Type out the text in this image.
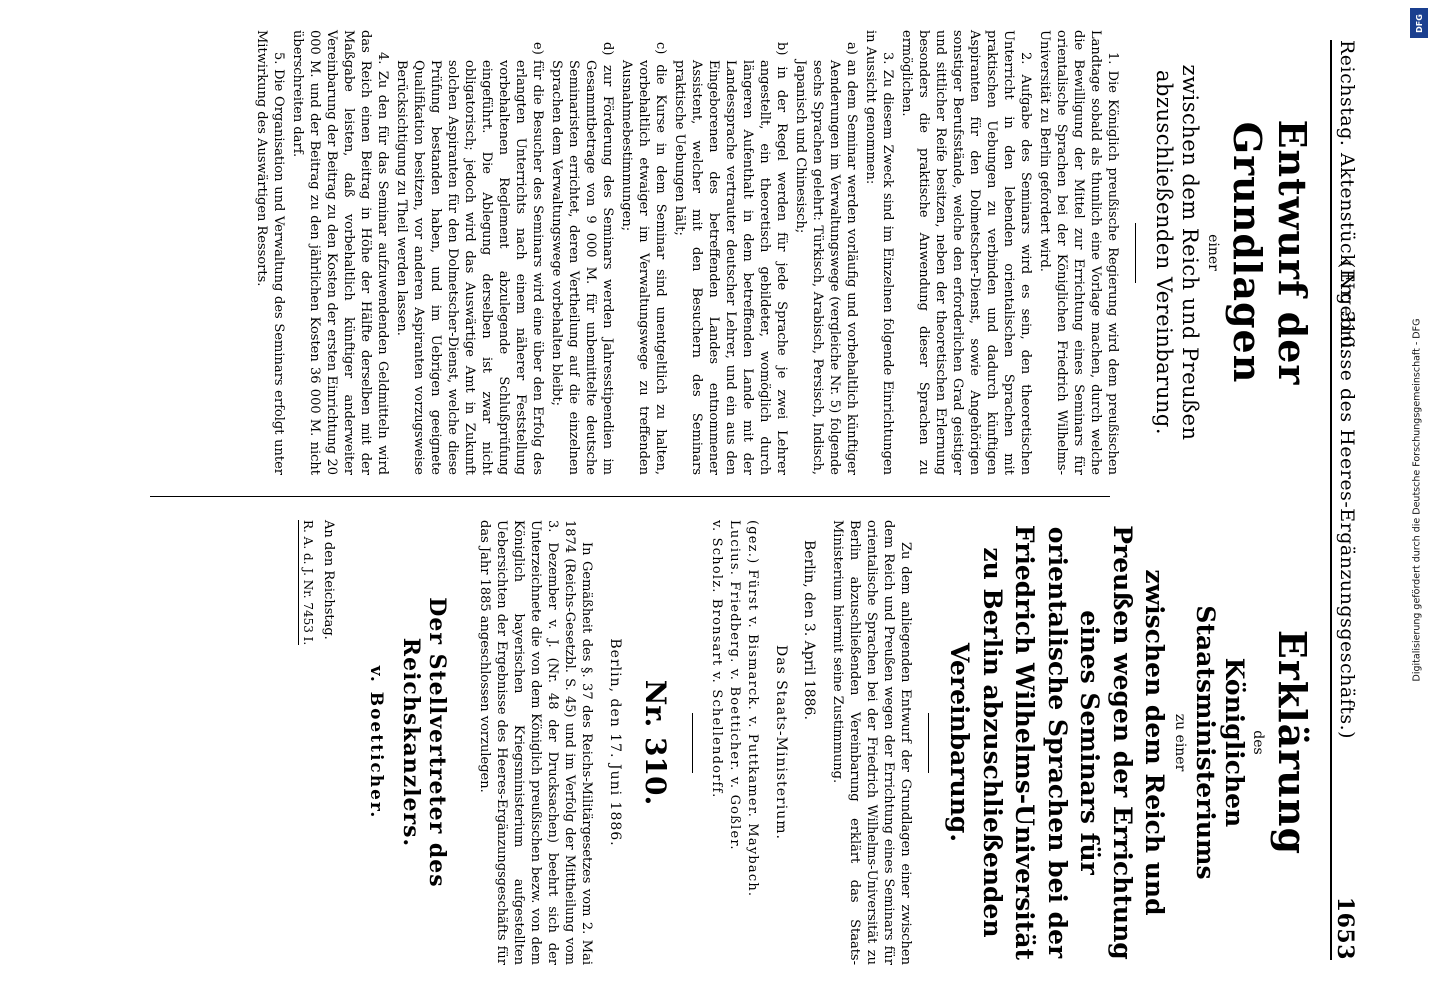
Reichstag. Aktenstück Nr. 310.
(Ergebnisse des Heeres-Ergänzungsgeschäfts.)
1653
Entwurf der Grundlagen
einer
zwischen dem Reich und Preußen abzuschließenden Vereinbarung.

1. Die Königlich preußische Regierung wird dem preußischen Landtage sobald als thunlich eine Vorlage machen, durch welche die Bewilligung der Mittel zur Errichtung eines Seminars für orientalische Sprachen bei der Königlichen Friedrich Wilhelms-Universität zu Berlin gefordert wird.

2. Aufgabe des Seminars wird es sein, den theoretischen Unterricht in den lebenden orientalischen Sprachen mit praktischen Uebungen zu verbinden und dadurch künftigen Aspiranten für den Dolmetscher-Dienst, sowie Angehörigen sonstiger Berufsstände, welche den erforderlichen Grad geistiger und sittlicher Reife besitzen, neben der theoretischen Erlernung besonders die praktische Anwendung dieser Sprachen zu ermöglichen.

3. Zu diesem Zweck sind im Einzelnen folgende Einrichtungen in Aussicht genommen:

a) an dem Seminar werden vorläufig und vorbehaltlich künftiger Aenderungen im Verwaltungswege (vergleiche Nr. 5) folgende sechs Sprachen gelehrt: Türkisch, Arabisch, Persisch, Indisch, Japanisch und Chinesisch;

b) in der Regel werden für jede Sprache je zwei Lehrer angestellt, ein theoretisch gebildeter, womöglich durch längeren Aufenthalt in dem betreffenden Lande mit der Landessprache vertrauter deutscher Lehrer, und ein aus den Eingeborenen des betreffenden Landes entnommener Assistent, welcher mit den Besuchern des Seminars praktische Uebungen hält;

c) die Kurse in dem Seminar sind unentgeltlich zu halten, vorbehaltlich etwaiger im Verwaltungswege zu treffenden Ausnahmebestimmungen;

d) zur Förderung des Seminars werden Jahresstipendien im Gesammtbetrage von 9 000 M. für unbemittelte deutsche Seminaristen errichtet, deren Vertheilung auf die einzelnen Sprachen dem Verwaltungswege vorbehalten bleibt;

e) für die Besucher des Seminars wird eine über den Erfolg des erlangten Unterrichts nach einem näherer Feststellung vorbehaltenen Reglement abzulegende Schlußprüfung eingeführt. Die Ablegung derselben ist zwar nicht obligatorisch; jedoch wird das Auswärtige Amt in Zukunft solchen Aspiranten für den Dolmetscher-Dienst, welche diese Prüfung bestanden haben, und im Uebrigen geeignete Qualifikation besitzen, vor anderen Aspiranten vorzugsweise Berücksichtigung zu Theil werden lassen.

4. Zu den für das Seminar aufzuwendenden Geldmitteln wird das Reich einen Beitrag in Höhe der Hälfte derselben mit der Maßgabe leisten, daß vorbehaltlich künftiger anderweiter Vereinbarung der Beitrag zu den Kosten der ersten Einrichtung 20 000 M. und der Beitrag zu den jährlichen Kosten 36 000 M. nicht überschreiten darf.

5. Die Organisation und Verwaltung des Seminars erfolgt unter Mitwirkung des Auswärtigen Ressorts.

Erklärung
des
Königlichen Staatsministeriums
zu einer
zwischen dem Reich und Preußen wegen der Errichtung eines Seminars für orientalische Sprachen bei der Friedrich Wilhelms-Universität zu Berlin abzuschließenden Vereinbarung.

Zu dem anliegenden Entwurf der Grundlagen einer zwischen dem Reich und Preußen wegen der Errichtung eines Seminars für orientalische Sprachen bei der Friedrich Wilhelms-Universität zu Berlin abzuschließenden Vereinbarung erklärt das Staats-Ministerium hiermit seine Zustimmung.

Berlin, den 3. April 1886.
Das Staats-Ministerium.

(gez.) Fürst v. Bismarck. v. Puttkamer. Maybach.

Lucius. Friedberg. v. Boetticher. v. Goßler.

v. Scholz. Bronsart v. Schellendorff.

Nr. 310.
Berlin, den 17. Juni 1886.

In Gemäßheit des §. 37 des Reichs-Militärgesetzes vom 2. Mai 1874 (Reichs-Gesetzbl. S. 45) und im Verfolg der Mittheilung vom 3. Dezember v. J. (Nr. 48 der Drucksachen) beehrt sich der Unterzeichnete die von dem Königlich preußischen bezw. von dem Königlich bayerischen Kriegsministerium aufgestellten Uebersichten der Ergebnisse des Heeres-Ergänzungsgeschäfts für das Jahr 1885 angeschlossen vorzulegen.

Der Stellvertreter des Reichskanzlers.
v. Boetticher.
An den Reichstag.
R. A. d. J. Nr. 7453 I.	Digitalisierung gefördert durch die Deutsche Forschungsgemeinschaft - DFG
DFG
